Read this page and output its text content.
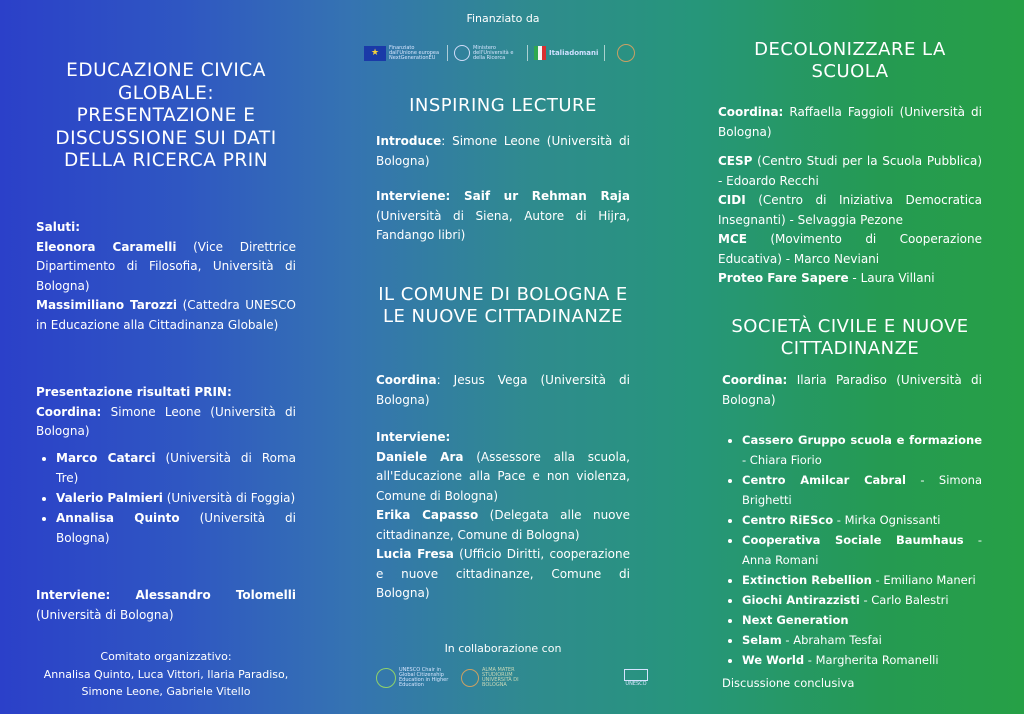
EDUCAZIONE CIVICA GLOBALE: PRESENTAZIONE E DISCUSSIONE SUI DATI DELLA RICERCA PRIN

Saluti:

Eleonora Caramelli (Vice Direttrice Dipartimento di Filosofia, Università di Bologna)

Massimiliano Tarozzi (Cattedra UNESCO in Educazione alla Cittadinanza Globale)

Presentazione risultati PRIN:

Coordina: Simone Leone (Università di Bologna)

• Marco Catarci (Università di Roma Tre)
• Valerio Palmieri (Università di Foggia)
• Annalisa Quinto (Università di Bologna)

Interviene: Alessandro Tolomelli (Università di Bologna)

Comitato organizzativo:
Annalisa Quinto, Luca Vittori, Ilaria Paradiso,
Simone Leone, Gabriele Vitello
Finanziato da
★	Finanziato dall'Unione europea NextGenerationEU
Ministero dell'Università e della Ricerca
Italiadomani
INSPIRING LECTURE

Introduce: Simone Leone (Università di Bologna)

Interviene: Saif ur Rehman Raja (Università di Siena, Autore di Hijra, Fandango libri)

IL COMUNE DI BOLOGNA E LE NUOVE CITTADINANZE

Coordina: Jesus Vega (Università di Bologna)

Interviene:

Daniele Ara (Assessore alla scuola, all'Educazione alla Pace e non violenza, Comune di Bologna)

Erika Capasso (Delegata alle nuove cittadinanze, Comune di Bologna)

Lucia Fresa (Ufficio Diritti, cooperazione e nuove cittadinanze, Comune di Bologna)

In collaborazione con
UNESCO Chair in Global Citizenship Education in Higher Education
ALMA MATER STUDIORUM UNIVERSITÀ DI BOLOGNA	UNESCO
DECOLONIZZARE LA SCUOLA

Coordina: Raffaella Faggioli (Università di Bologna)

CESP (Centro Studi per la Scuola Pubblica) - Edoardo Recchi

CIDI (Centro di Iniziativa Democratica Insegnanti) - Selvaggia Pezone

MCE (Movimento di Cooperazione Educativa) - Marco Neviani

Proteo Fare Sapere - Laura Villani

SOCIETÀ CIVILE E NUOVE CITTADINANZE

Coordina: Ilaria Paradiso (Università di Bologna)

• Cassero Gruppo scuola e formazione - Chiara Fiorio
• Centro Amilcar Cabral - Simona Brighetti
• Centro RiESco - Mirka Ognissanti
• Cooperativa Sociale Baumhaus - Anna Romani
• Extinction Rebellion - Emiliano Maneri
• Giochi Antirazzisti - Carlo Balestri
• Next Generation
• Selam - Abraham Tesfai
• We World - Margherita Romanelli

Discussione conclusiva
